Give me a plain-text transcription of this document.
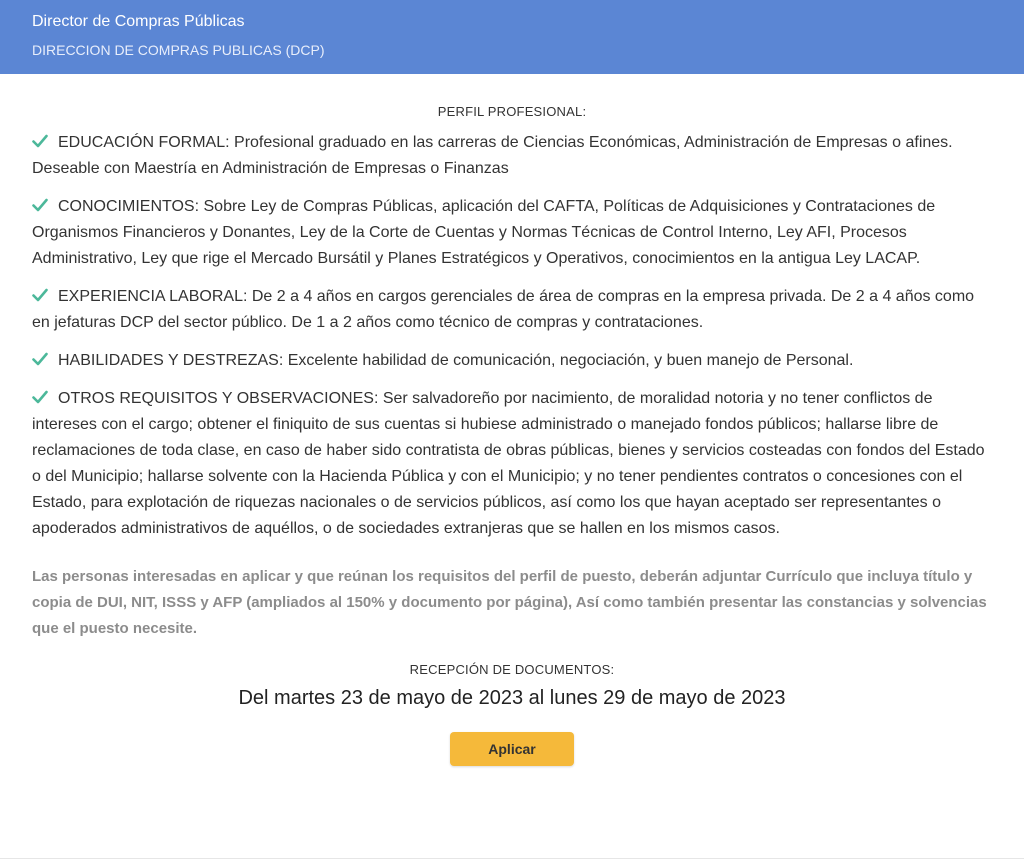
Director de Compras Públicas
DIRECCION DE COMPRAS PUBLICAS (DCP)
PERFIL PROFESIONAL:
EDUCACIÓN FORMAL: Profesional graduado en las carreras de Ciencias Económicas, Administración de Empresas o afines. Deseable con Maestría en Administración de Empresas o Finanzas
CONOCIMIENTOS: Sobre Ley de Compras Públicas, aplicación del CAFTA, Políticas de Adquisiciones y Contrataciones de Organismos Financieros y Donantes, Ley de la Corte de Cuentas y Normas Técnicas de Control Interno, Ley AFI, Procesos Administrativo, Ley que rige el Mercado Bursátil y Planes Estratégicos y Operativos, conocimientos en la antigua Ley LACAP.
EXPERIENCIA LABORAL: De 2 a 4 años en cargos gerenciales de área de compras en la empresa privada. De 2 a 4 años como en jefaturas DCP del sector público. De 1 a 2 años como técnico de compras y contrataciones.
HABILIDADES Y DESTREZAS: Excelente habilidad de comunicación, negociación, y buen manejo de Personal.
OTROS REQUISITOS Y OBSERVACIONES: Ser salvadoreño por nacimiento, de moralidad notoria y no tener conflictos de intereses con el cargo; obtener el finiquito de sus cuentas si hubiese administrado o manejado fondos públicos; hallarse libre de reclamaciones de toda clase, en caso de haber sido contratista de obras públicas, bienes y servicios costeadas con fondos del Estado o del Municipio; hallarse solvente con la Hacienda Pública y con el Municipio; y no tener pendientes contratos o concesiones con el Estado, para explotación de riquezas nacionales o de servicios públicos, así como los que hayan aceptado ser representantes o apoderados administrativos de aquéllos, o de sociedades extranjeras que se hallen en los mismos casos.
Las personas interesadas en aplicar y que reúnan los requisitos del perfil de puesto, deberán adjuntar Currículo que incluya título y copia de DUI, NIT, ISSS y AFP (ampliados al 150% y documento por página), Así como también presentar las constancias y solvencias que el puesto necesite.
RECEPCIÓN DE DOCUMENTOS:
Del martes 23 de mayo de 2023 al lunes 29 de mayo de 2023
Aplicar
